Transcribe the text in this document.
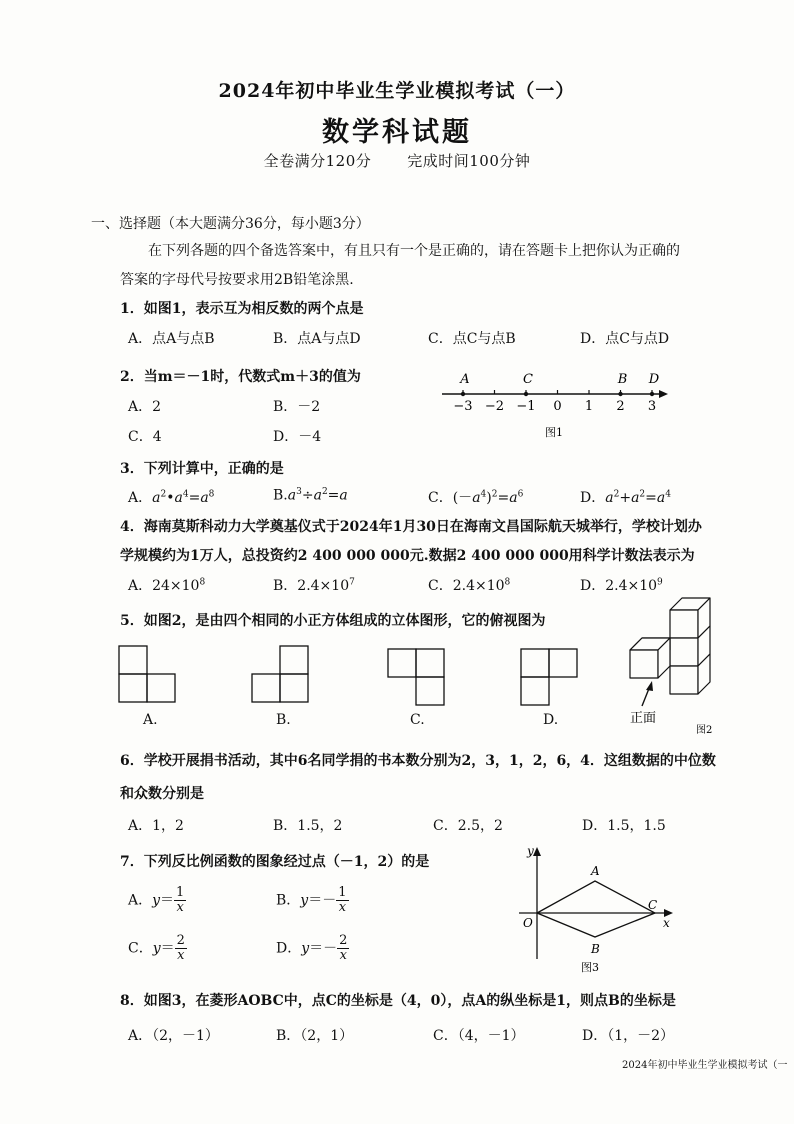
2024年初中毕业生学业模拟考试（一）
数学科试题
全卷满分120分 完成时间100分钟
一、选择题（本大题满分36分，每小题3分）
在下列各题的四个备选答案中，有且只有一个是正确的，请在答题卡上把你认为正确的
答案的字母代号按要求用2B铅笔涂黑.
1．如图1，表示互为相反数的两个点是
A．点A与点B	B．点A与点D	C．点C与点B	D．点C与点D
2．当m＝－1时，代数式m＋3的值为
A．2	B．－2
C．4	D．－4
−3 −2 −1 0 1 2 3
A	C	B D
图1
3．下列计算中，正确的是
A．$a^2•a^4=a^8$	$B.a^3\div a^2=a$	C．$(-a^4)^2=a^6$	D．$a^2+a^2=a^4$
4．海南莫斯科动力大学奠基仪式于2024年1月30日在海南文昌国际航天城举行，学校计划办
学规模约为1万人，总投资约2 400 000 000元.数据2 400 000 000用科学计数法表示为
A．$24\times 10^8$	B．$2.4\times 10^7$	C．$2.4\times 10^8$	D．$2.4\times 10^9$
5．如图2，是由四个相同的小正方体组成的立体图形，它的俯视图为
A.	B.	C.	D.	正面
图2
6．学校开展捐书活动，其中6名同学捐的书本数分别为2，3，1，2，6，4．这组数据的中位数
和众数分别是
A．1，2	B．1.5，2	C．2.5，2	D．1.5，1.5
7．下列反比例函数的图象经过点（－1，2）的是
A．$y= \frac{1}{x}$	B．$y=- \frac{1}{x}$
C．$y= \frac{2}{x}$	D．$y=- \frac{2}{x}$
y
x
O
A
B
C
图3
8．如图3，在菱形AOBC中，点C的坐标是（4，0），点A的纵坐标是1，则点B的坐标是
A．（2，－1）	B．（2，1）	C．（4，－1）	D．（1，－2）
2024年初中毕业生学业模拟考试（一
